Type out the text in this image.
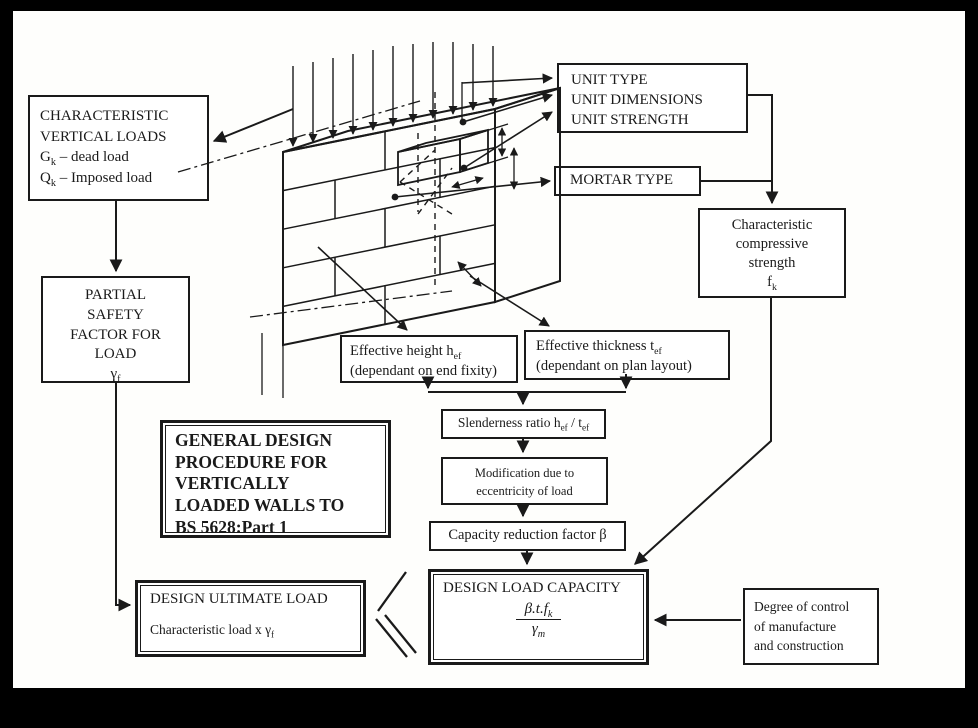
CHARACTERISTIC
VERTICAL LOADS
$G_k$ – dead load
$Q_k$ – Imposed load
UNIT TYPE
UNIT DIMENSIONS
UNIT STRENGTH
MORTAR TYPE
Characteristic
compressive
strength
$f_k$
PARTIAL
SAFETY
FACTOR FOR
LOAD
$\gamma_f$
Effective height $h_{ef}$
(dependant on end fixity)
Effective thickness $t_{ef}$
(dependant on plan layout)
Slenderness ratio $h_{ef} / t_{ef}$
Modification due to
eccentricity of load
Capacity reduction factor β
GENERAL DESIGN
PROCEDURE FOR
VERTICALLY
LOADED WALLS TO
BS 5628:Part 1
DESIGN ULTIMATE LOAD
Characteristic load x $\gamma_f$
DESIGN LOAD CAPACITY
$\frac{\beta.t.f_k}{\gamma_m}$	Degree of control
of manufacture
and construction
